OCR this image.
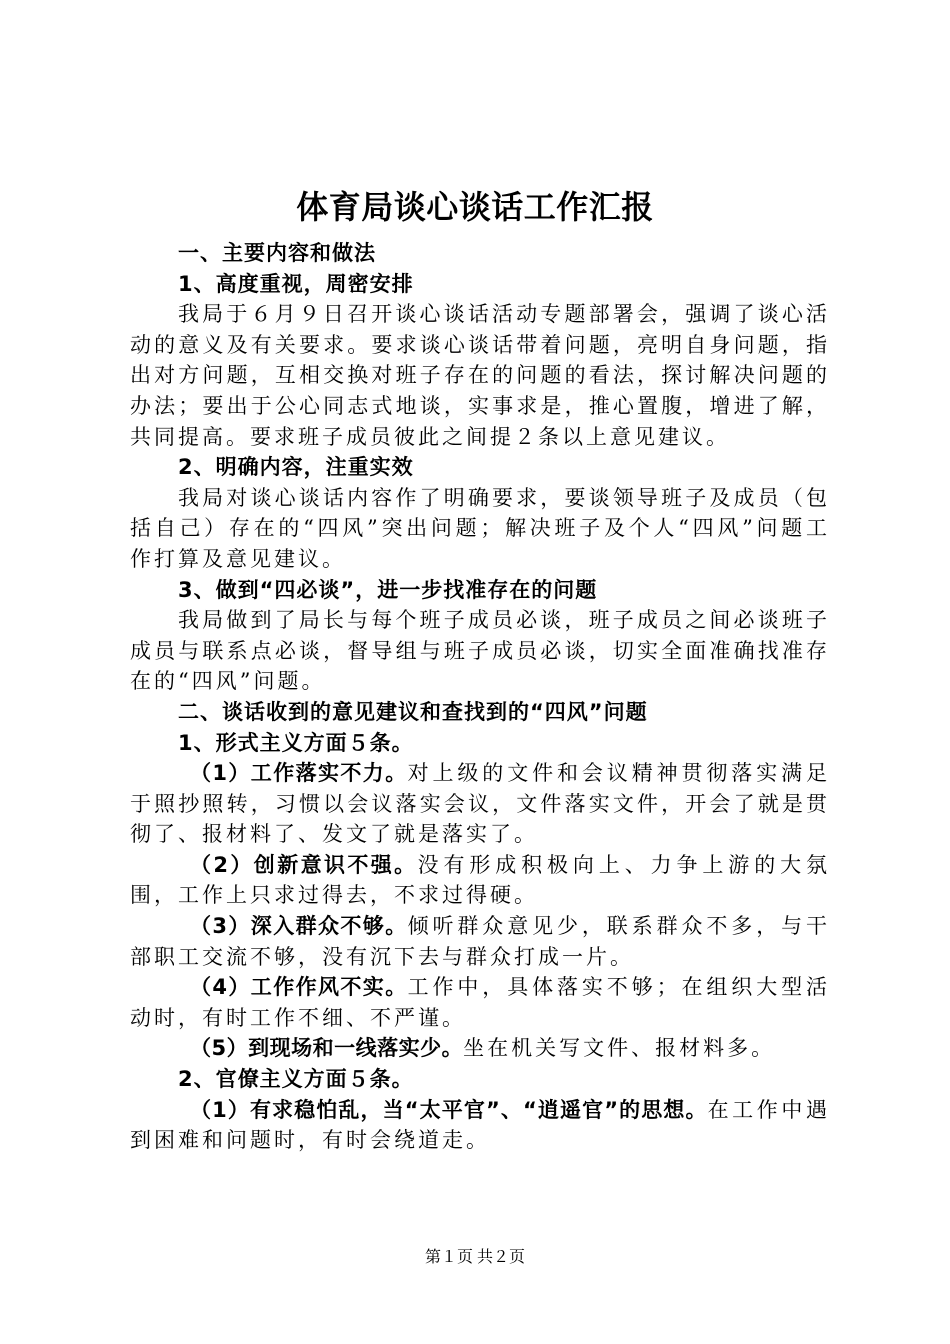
体育局谈心谈话工作汇报

一、主要内容和做法

1、高度重视，周密安排

我局于６月９日召开谈心谈话活动专题部署会，强调了谈心活动的意义及有关要求。要求谈心谈话带着问题，亮明自身问题，指出对方问题，互相交换对班子存在的问题的看法，探讨解决问题的办法；要出于公心同志式地谈，实事求是，推心置腹，增进了解，共同提高。要求班子成员彼此之间提２条以上意见建议。

2、明确内容，注重实效

我局对谈心谈话内容作了明确要求，要谈领导班子及成员（包括自己）存在的“四风”突出问题；解决班子及个人“四风”问题工作打算及意见建议。

3、做到“四必谈”，进一步找准存在的问题

我局做到了局长与每个班子成员必谈，班子成员之间必谈班子成员与联系点必谈，督导组与班子成员必谈，切实全面准确找准存在的“四风”问题。

二、谈话收到的意见建议和查找到的“四风”问题

1、形式主义方面５条。

（1）工作落实不力。对上级的文件和会议精神贯彻落实满足于照抄照转，习惯以会议落实会议，文件落实文件，开会了就是贯彻了、报材料了、发文了就是落实了。

（2）创新意识不强。没有形成积极向上、力争上游的大氛围，工作上只求过得去，不求过得硬。

（3）深入群众不够。倾听群众意见少，联系群众不多，与干部职工交流不够，没有沉下去与群众打成一片。

（4）工作作风不实。工作中，具体落实不够；在组织大型活动时，有时工作不细、不严谨。

（5）到现场和一线落实少。坐在机关写文件、报材料多。

2、官僚主义方面５条。

（1）有求稳怕乱，当“太平官”、“逍遥官”的思想。在工作中遇到困难和问题时，有时会绕道走。

第１页 共２页
